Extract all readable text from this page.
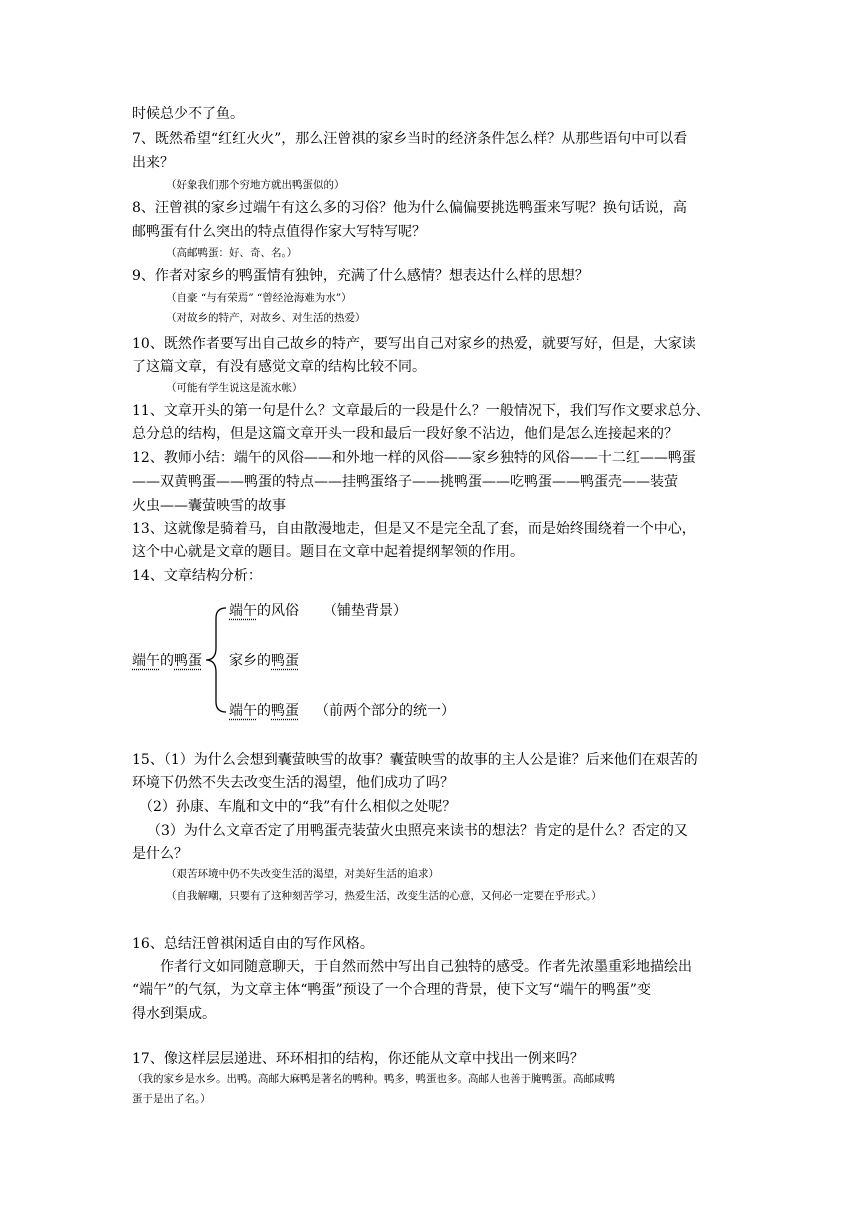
时候总少不了鱼。
7、既然希望“红红火火”，那么汪曾祺的家乡当时的经济条件怎么样？从那些语句中可以看
出来？
（好象我们那个穷地方就出鸭蛋似的）
8、汪曾祺的家乡过端午有这么多的习俗？他为什么偏偏要挑选鸭蛋来写呢？换句话说，高
邮鸭蛋有什么突出的特点值得作家大写特写呢？
（高邮鸭蛋：好、奇、名。）
9、作者对家乡的鸭蛋情有独钟，充满了什么感情？想表达什么样的思想？
（自豪 “与有荣焉” “曾经沧海难为水”）
（对故乡的特产，对故乡、对生活的热爱）
10、既然作者要写出自己故乡的特产，要写出自己对家乡的热爱，就要写好，但是，大家读
了这篇文章，有没有感觉文章的结构比较不同。
（可能有学生说这是流水帐）
11、文章开头的第一句是什么？文章最后的一段是什么？一般情况下，我们写作文要求总分、
总分总的结构，但是这篇文章开头一段和最后一段好象不沾边，他们是怎么连接起来的？
12、教师小结：端午的风俗——和外地一样的风俗——家乡独特的风俗——十二红——鸭蛋
——双黄鸭蛋——鸭蛋的特点——挂鸭蛋络子——挑鸭蛋——吃鸭蛋——鸭蛋壳——装萤
火虫——囊萤映雪的故事
13、这就像是骑着马，自由散漫地走，但是又不是完全乱了套，而是始终围绕着一个中心，
这个中心就是文章的题目。题目在文章中起着提纲挈领的作用。
14、文章结构分析：
端午的鸭蛋
端午的风俗 （铺垫背景）
家乡的鸭蛋
端午的鸭蛋 （前两个部分的统一）
15、（1）为什么会想到囊萤映雪的故事？囊萤映雪的故事的主人公是谁？后来他们在艰苦的
环境下仍然不失去改变生活的渴望，他们成功了吗？
（2）孙康、车胤和文中的“我”有什么相似之处呢？
（3）为什么文章否定了用鸭蛋壳装萤火虫照亮来读书的想法？肯定的是什么？否定的又
是什么？
（艰苦环境中仍不失改变生活的渴望，对美好生活的追求）
（自我解嘲，只要有了这种刻苦学习，热爱生活，改变生活的心意，又何必一定要在乎形式。）
16、总结汪曾祺闲适自由的写作风格。
作者行文如同随意聊天，于自然而然中写出自己独特的感受。作者先浓墨重彩地描绘出
“端午”的气氛，为文章主体“鸭蛋”预设了一个合理的背景，使下文写“端午的鸭蛋”变
得水到渠成。
17、像这样层层递进、环环相扣的结构，你还能从文章中找出一例来吗？
（我的家乡是水乡。出鸭。高邮大麻鸭是著名的鸭种。鸭多，鸭蛋也多。高邮人也善于腌鸭蛋。高邮咸鸭
蛋于是出了名。）
